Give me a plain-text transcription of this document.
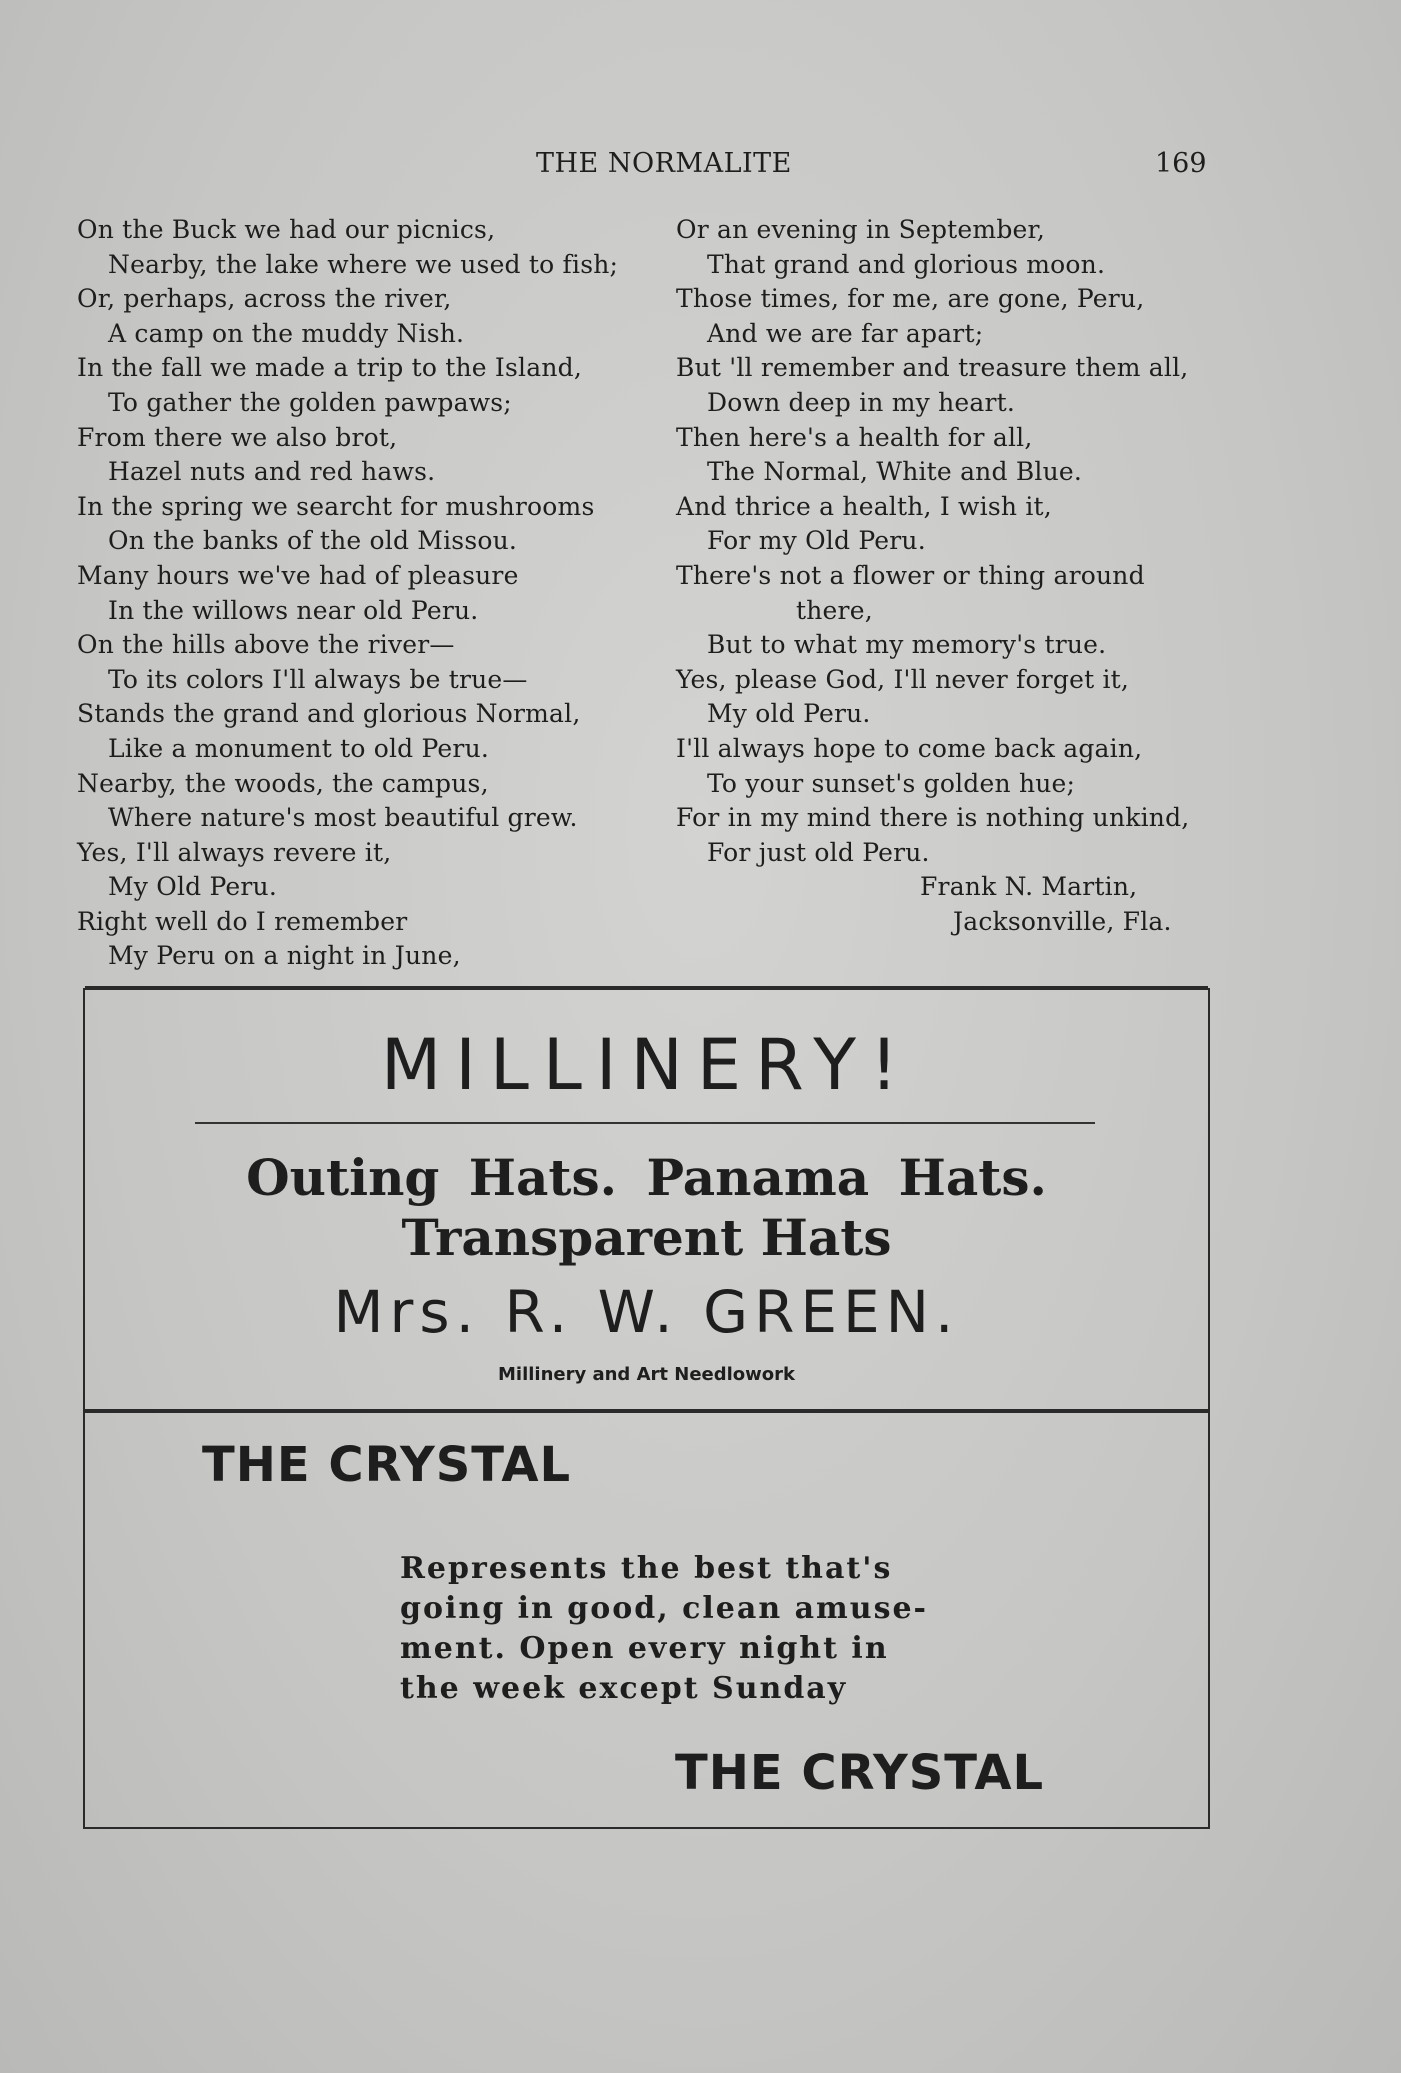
THE NORMALITE	169
On the Buck we had our picnics,
Nearby, the lake where we used to fish;
Or, perhaps, across the river,
A camp on the muddy Nish.
In the fall we made a trip to the Island,
To gather the golden pawpaws;
From there we also brot,
Hazel nuts and red haws.
In the spring we searcht for mushrooms
On the banks of the old Missou.
Many hours we've had of pleasure
In the willows near old Peru.
On the hills above the river—
To its colors I'll always be true—
Stands the grand and glorious Normal,
Like a monument to old Peru.
Nearby, the woods, the campus,
Where nature's most beautiful grew.
Yes, I'll always revere it,
My Old Peru.
Right well do I remember
My Peru on a night in June,
Or an evening in September,
That grand and glorious moon.
Those times, for me, are gone, Peru,
And we are far apart;
But 'll remember and treasure them all,
Down deep in my heart.
Then here's a health for all,
The Normal, White and Blue.
And thrice a health, I wish it,
For my Old Peru.
There's not a flower or thing around
there,
But to what my memory's true.
Yes, please God, I'll never forget it,
My old Peru.
I'll always hope to come back again,
To your sunset's golden hue;
For in my mind there is nothing unkind,
For just old Peru.
Frank N. Martin,
Jacksonville, Fla.
MILLINERY!
Outing Hats. Panama Hats.
Transparent Hats
Mrs. R. W. GREEN.
Millinery and Art Needlowork
THE CRYSTAL
Represents the best that's
going in good, clean amuse-
ment. Open every night in
the week except Sunday
THE CRYSTAL
